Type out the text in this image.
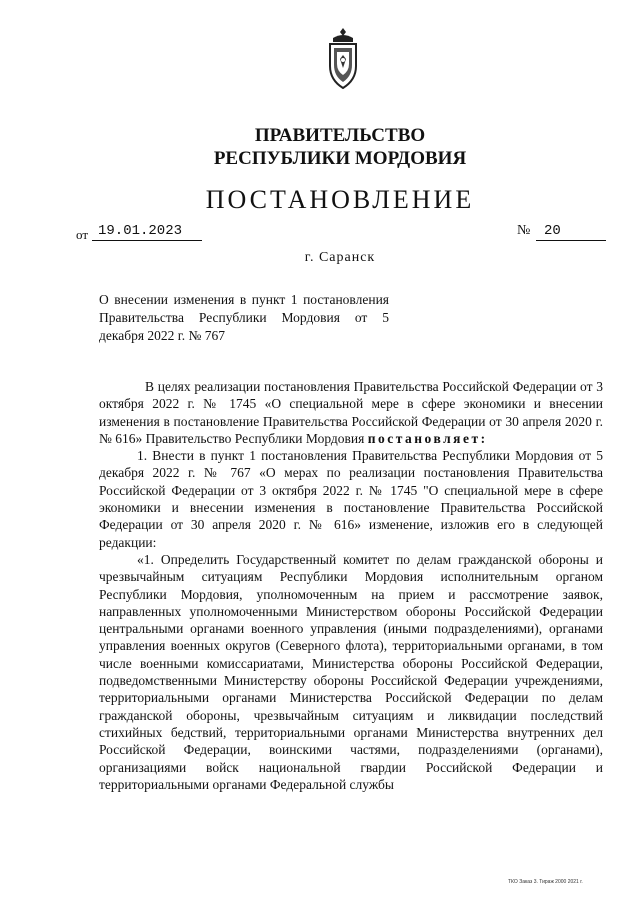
ПРАВИТЕЛЬСТВО
РЕСПУБЛИКИ МОРДОВИЯ
ПОСТАНОВЛЕНИЕ
от 19.01.2023	№ 20
г. Саранск
О внесении изменения в пункт 1 постановления Правительства Республики Мордовия от 5 декабря 2022 г. № 767

В целях реализации постановления Правительства Российской Федерации от 3 октября 2022 г. № 1745 «О специальной мере в сфере экономики и внесении изменения в постановление Правительства Российской Федерации от 30 апреля 2020 г. № 616» Правительство Республики Мордовия постановляет:

1. Внести в пункт 1 постановления Правительства Республики Мордовия от 5 декабря 2022 г. № 767 «О мерах по реализации постановления Правительства Российской Федерации от 3 октября 2022 г. № 1745 "О специальной мере в сфере экономики и внесении изменения в постановление Правительства Российской Федерации от 30 апреля 2020 г. № 616» изменение, изложив его в следующей редакции:

«1. Определить Государственный комитет по делам гражданской обороны и чрезвычайным ситуациям Республики Мордовия исполнительным органом Республики Мордовия, уполномоченным на прием и рассмотрение заявок, направленных уполномоченными Министерством обороны Российской Федерации центральными органами военного управления (иными подразделениями), органами управления военных округов (Северного флота), территориальными органами, в том числе военными комиссариатами, Министерства обороны Российской Федерации, подведомственными Министерству обороны Российской Федерации учреждениями, территориальными органами Министерства Российской Федерации по делам гражданской обороны, чрезвычайным ситуациям и ликвидации последствий стихийных бедствий, территориальными органами Министерства внутренних дел Российской Федерации, воинскими частями, подразделениями (органами), организациями войск национальной гвардии Российской Федерации и территориальными органами Федеральной службы

ТКО Заказ 3. Тираж 2000 2021 г.
